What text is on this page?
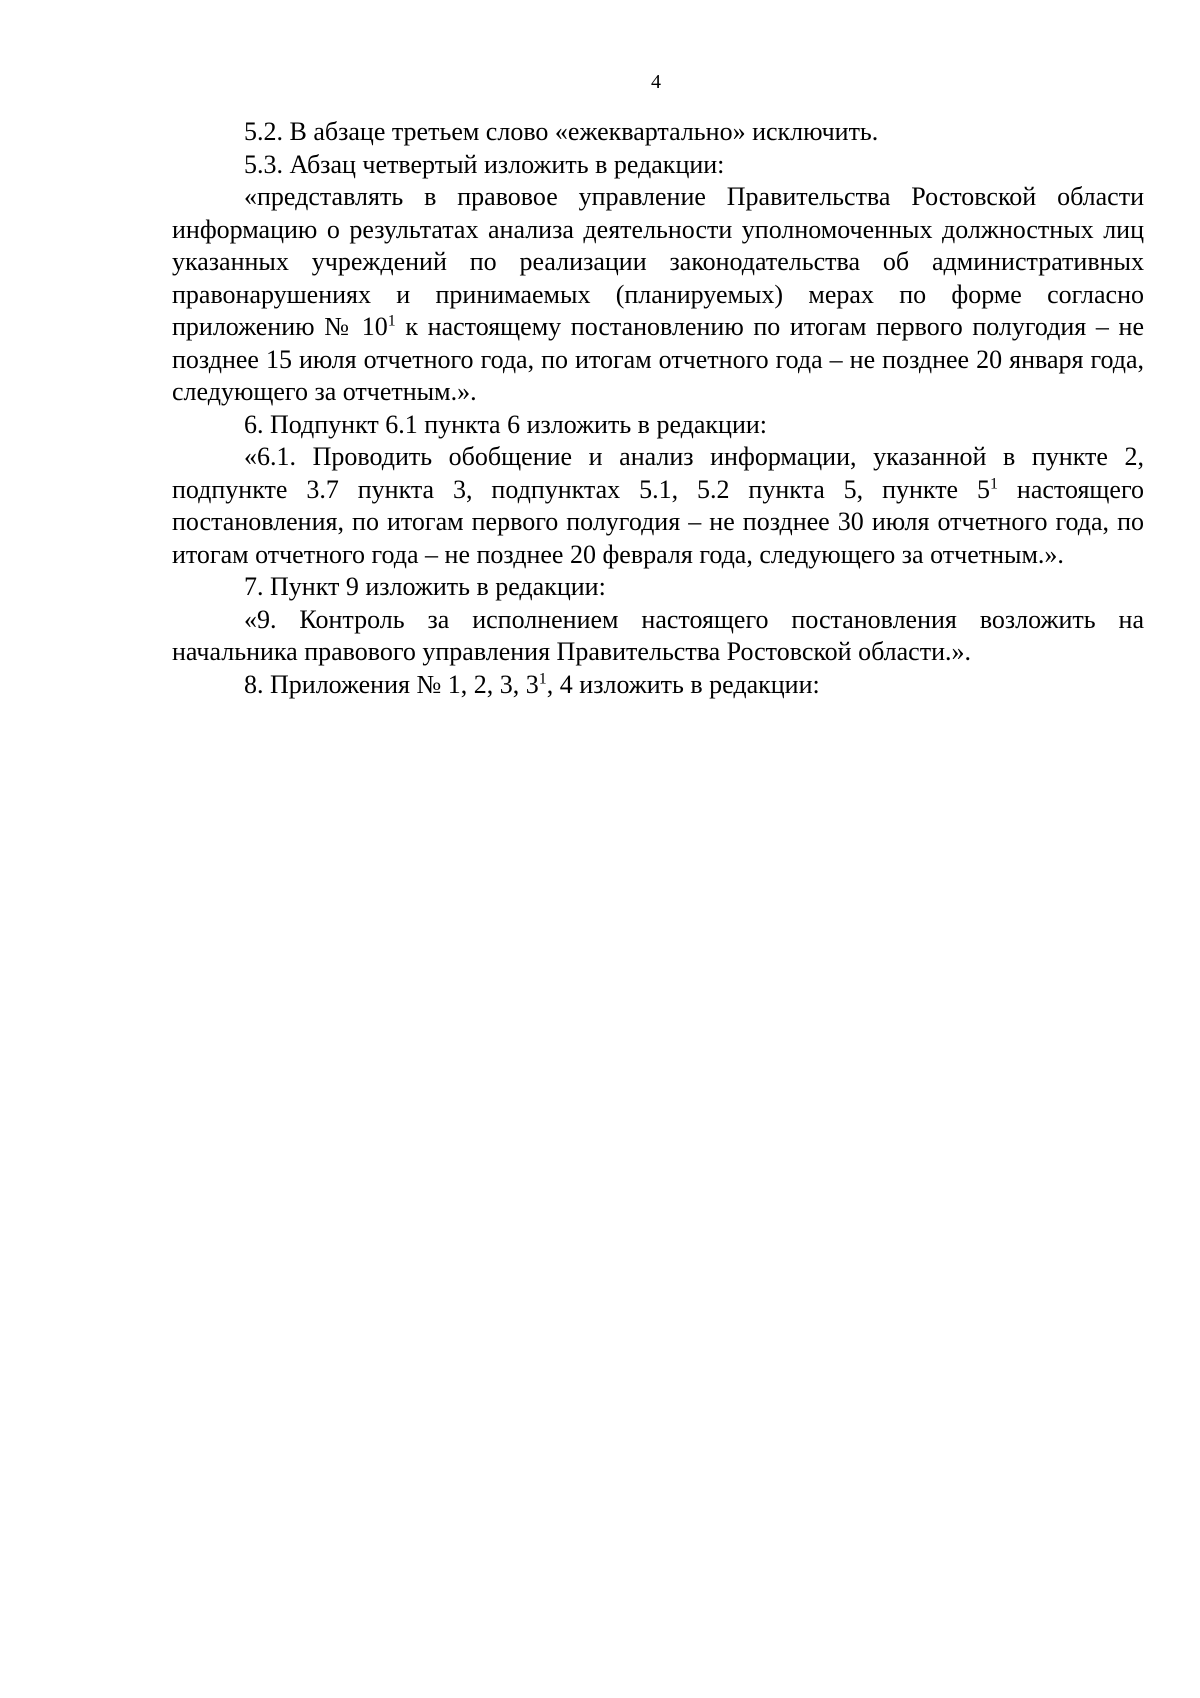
4

5.2. В абзаце третьем слово «ежеквартально» исключить.

5.3. Абзац четвертый изложить в редакции:

«представлять в правовое управление Правительства Ростовской области информацию о результатах анализа деятельности уполномоченных должностных лиц указанных учреждений по реализации законодательства об административных правонарушениях и принимаемых (планируемых) мерах по форме согласно приложению № $10^1$ к настоящему постановлению по итогам первого полугодия – не позднее 15 июля отчетного года, по итогам отчетного года – не позднее 20 января года, следующего за отчетным.».

6. Подпункт 6.1 пункта 6 изложить в редакции:

«6.1. Проводить обобщение и анализ информации, указанной в пункте 2, подпункте 3.7 пункта 3, подпунктах 5.1, 5.2 пункта 5, пункте $5^1$ настоящего постановления, по итогам первого полугодия – не позднее 30 июля отчетного года, по итогам отчетного года – не позднее 20 февраля года, следующего за отчетным.».

7. Пункт 9 изложить в редакции:

«9. Контроль за исполнением настоящего постановления возложить на начальника правового управления Правительства Ростовской области.».

8. Приложения № 1, 2, 3, $3^1$, 4 изложить в редакции:
